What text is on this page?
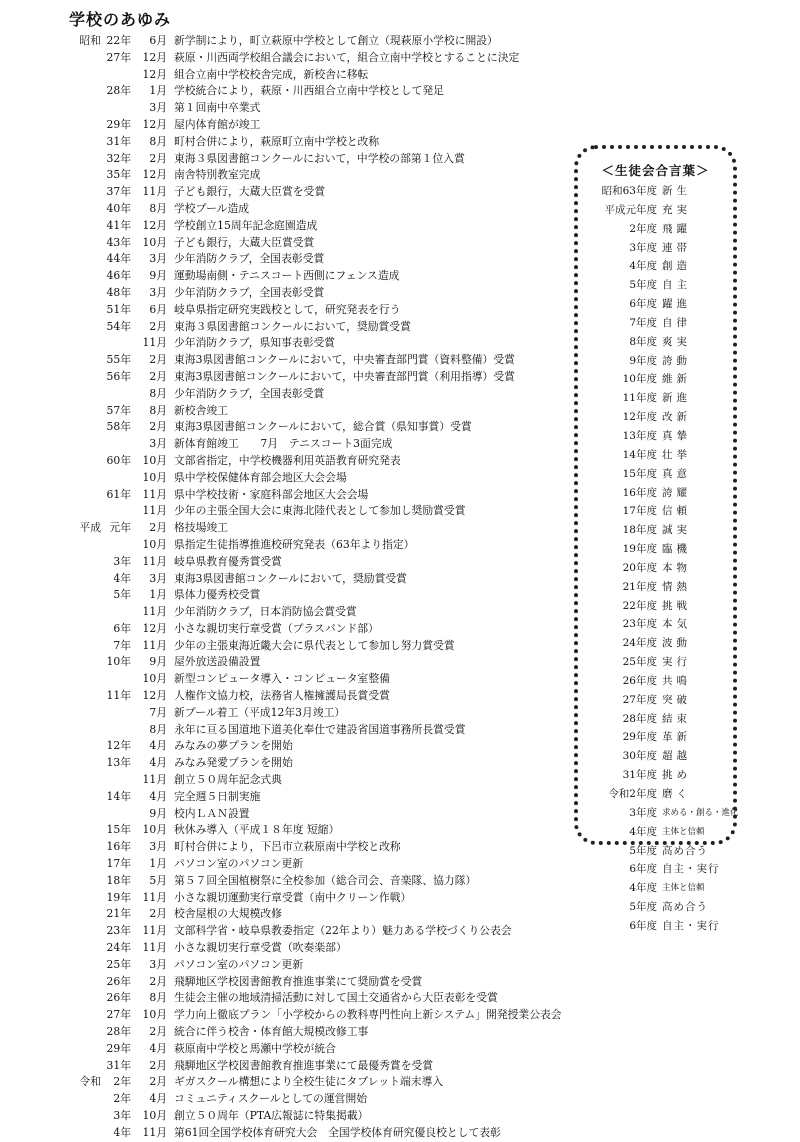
学校のあゆみ
昭和 22年	6月 新学制により，町立萩原中学校として創立（現萩原小学校に開設）
27年	12月 萩原・川西両学校組合議会において，組合立南中学校とすることに決定
12月 組合立南中学校校舎完成，新校舎に移転
28年	1月 学校統合により，萩原・川西組合立南中学校として発足
3月 第１回南中卒業式
29年	12月 屋内体育館が竣工
31年	8月 町村合併により，萩原町立南中学校と改称
32年	2月 東海３県図書館コンクールにおいて，中学校の部第１位入賞
35年	12月 南舎特別教室完成
37年	11月 子ども銀行，大蔵大臣賞を受賞
40年	8月 学校プール造成
41年	12月 学校創立15周年記念庭園造成
43年	10月 子ども銀行，大蔵大臣賞受賞
44年	3月 少年消防クラブ，全国表彰受賞
46年	9月 運動場南側・テニスコート西側にフェンス造成
48年	3月 少年消防クラブ，全国表彰受賞
51年	6月 岐阜県指定研究実践校として，研究発表を行う
54年	2月 東海３県図書館コンクールにおいて，奨励賞受賞
11月 少年消防クラブ，県知事表彰受賞
55年	2月 東海3県図書館コンクールにおいて，中央審査部門賞（資料整備）受賞
56年	2月 東海3県図書館コンクールにおいて，中央審査部門賞（利用指導）受賞
8月 少年消防クラブ，全国表彰受賞
57年	8月 新校舎竣工
58年	2月 東海3県図書館コンクールにおいて，総合賞（県知事賞）受賞
3月 新体育館竣工　　7月　テニスコート3面完成
60年	10月 文部省指定，中学校機器利用英語教育研究発表
10月 県中学校保健体育部会地区大会会場
61年	11月 県中学校技術・家庭科部会地区大会会場
11月 少年の主張全国大会に東海北陸代表として参加し奨励賞受賞
平成 元年	2月 格技場竣工
10月 県指定生徒指導推進校研究発表（63年より指定）
3年	11月 岐阜県教育優秀賞受賞
4年	3月 東海3県図書館コンクールにおいて，奨励賞受賞
5年	1月 県体力優秀校受賞
11月 少年消防クラブ，日本消防協会賞受賞
6年	12月 小さな親切実行章受賞（ブラスバンド部）
7年	11月 少年の主張東海近畿大会に県代表として参加し努力賞受賞
10年	9月 屋外放送設備設置
10月 新型コンピュータ導入・コンピュータ室整備
11年	12月 人権作文協力校，法務省人権擁護局長賞受賞
7月 新プール着工（平成12年3月竣工）
8月 永年に亘る国道地下道美化奉仕で建設省国道事務所長賞受賞
12年	4月 みなみの夢プランを開始
13年	4月 みなみ発愛プランを開始
11月 創立５０周年記念式典
14年	4月 完全週５日制実施
9月 校内ＬＡＮ設置
15年	10月 秋休み導入（平成１８年度 短縮）
16年	3月 町村合併により，下呂市立萩原南中学校と改称
17年	1月 パソコン室のパソコン更新
18年	5月 第５７回全国植樹祭に全校参加（総合司会、音楽隊、協力隊）
19年	11月 小さな親切運動実行章受賞（南中クリーン作戦）
21年	2月 校舎屋根の大規模改修
23年	11月 文部科学省・岐阜県教委指定（22年より）魅力ある学校づくり公表会
24年	11月 小さな親切実行章受賞（吹奏楽部）
25年	3月 パソコン室のパソコン更新
26年	2月 飛騨地区学校図書館教育推進事業にて奨励賞を受賞
26年	8月 生徒会主催の地域清掃活動に対して国土交通省から大臣表彰を受賞
27年	10月 学力向上徹底プラン「小学校からの教科専門性向上新システム」開発授業公表会
28年	2月 統合に伴う校舎・体育館大規模改修工事
29年	4月 萩原南中学校と馬瀬中学校が統合
31年	2月 飛騨地区学校図書館教育推進事業にて最優秀賞を受賞
令和	2年	2月 ギガスクール構想により全校生徒にタブレット端末導入
2年	4月 コミュニティスクールとしての運営開始
3年	10月 創立５０周年（PTA広報誌に特集掲載）
4年	11月 第61回全国学校体育研究大会　全国学校体育研究優良校として表彰
＜生徒会合言葉＞
昭和63年度 新生
平成元年度 充実
2年度 飛躍
3年度 連帯
4年度 創造
5年度 自主
6年度 躍進
7年度 自律
8年度 爽実
9年度 誇動
10年度 維新
11年度 新進
12年度 改新
13年度 真摯
14年度 壮挙
15年度 真意
16年度 誇耀
17年度 信頼
18年度 誠実
19年度 臨機
20年度 本物
21年度 情熱
22年度 挑戦
23年度 本気
24年度 波動
25年度 実行
26年度 共鳴
27年度 突破
28年度 結束
29年度 革新
30年度 超越
31年度 挑め
令和2年度 磨く
3年度 求める・創る・進化
4年度 主体と信頼
5年度 高め合う
6年度 自主・実行
4年度 主体と信頼
5年度 高め合う
6年度 自主・実行
